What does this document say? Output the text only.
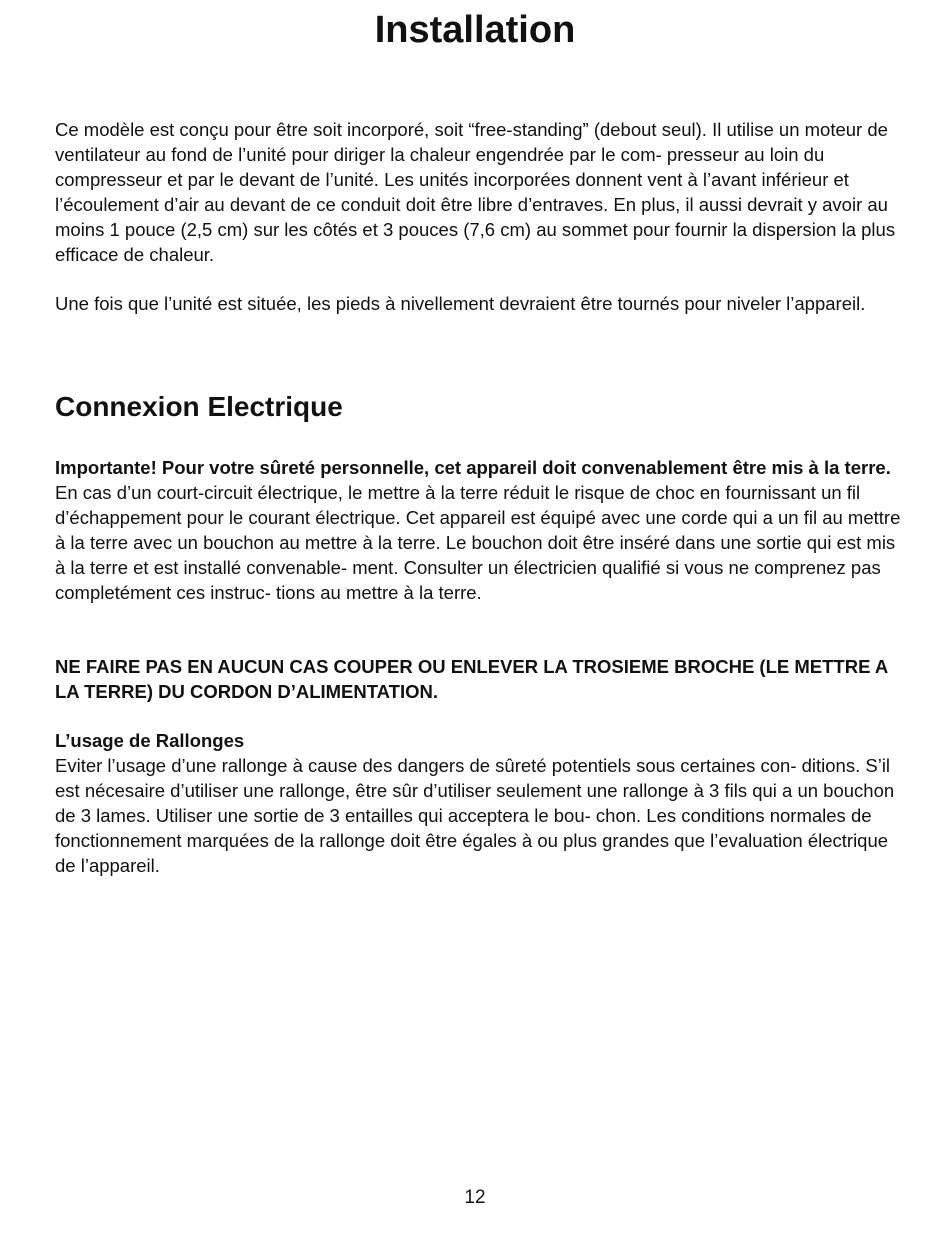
Installation

Ce modèle est conçu pour être soit incorporé, soit “free-standing” (debout seul). Il utilise un moteur de ventilateur au fond de l’unité pour diriger la chaleur engendrée par le com- presseur au loin du compresseur et par le devant de l’unité. Les unités incorporées donnent vent à l’avant inférieur et l’écoulement d’air au devant de ce conduit doit être libre d’entraves. En plus, il aussi devrait y avoir au moins 1 pouce (2,5 cm) sur les côtés et 3 pouces (7,6 cm) au sommet pour fournir la dispersion la plus efficace de chaleur.

Une fois que l’unité est située, les pieds à nivellement devraient être tournés pour niveler l’appareil.

Connexion Electrique

Importante! Pour votre sûreté personnelle, cet appareil doit convenablement être mis à la terre. En cas d’un court-circuit électrique, le mettre à la terre réduit le risque de choc en fournissant un fil d’échappement pour le courant électrique. Cet appareil est équipé avec une corde qui a un fil au mettre à la terre avec un bouchon au mettre à la terre. Le bouchon doit être inséré dans une sortie qui est mis à la terre et est installé convenable- ment. Consulter un électricien qualifié si vous ne comprenez pas completément ces instruc- tions au mettre à la terre.

NE FAIRE PAS EN AUCUN CAS COUPER OU ENLEVER LA TROSIEME BROCHE (LE METTRE A LA TERRE) DU CORDON D’ALIMENTATION.

L’usage de Rallonges

Eviter l’usage d’une rallonge à cause des dangers de sûreté potentiels sous certaines con- ditions. S’il est nécesaire d’utiliser une rallonge, être sûr d’utiliser seulement une rallonge à 3 fils qui a un bouchon de 3 lames. Utiliser une sortie de 3 entailles qui acceptera le bou- chon. Les conditions normales de fonctionnement marquées de la rallonge doit être égales à ou plus grandes que l’evaluation électrique de l’appareil.

12
